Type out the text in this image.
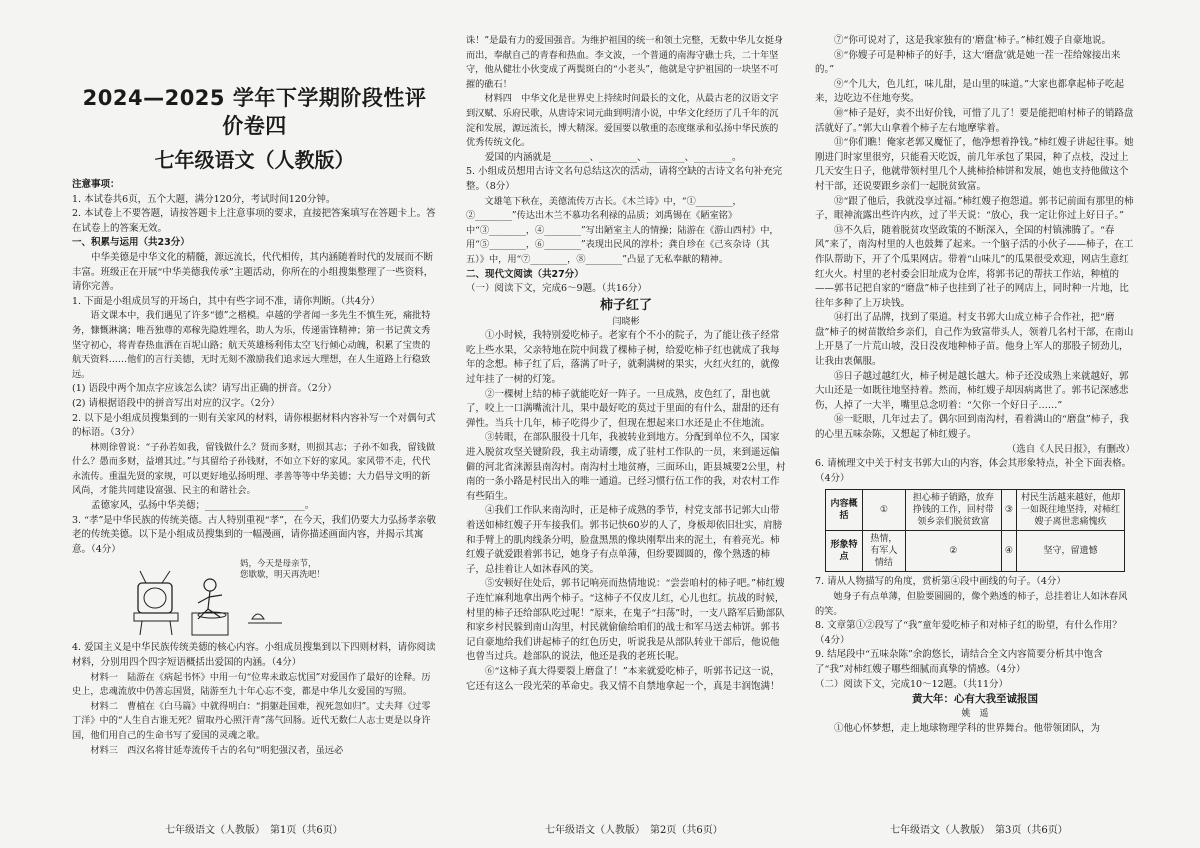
2024—2025 学年下学期阶段性评价卷四
七年级语文（人教版）

注意事项：

1. 本试卷共6页，五个大题，满分120分，考试时间120分钟。

2. 本试卷上不要答题，请按答题卡上注意事项的要求，直接把答案填写在答题卡上。答在试卷上的答案无效。

一、积累与运用（共23分）

中华美德是中华文化的精髓，源远流长，代代相传，其内涵随着时代的发展而不断丰富。班级正在开展“中华美德我传承”主题活动，你所在的小组搜集整理了一些资料，请你完善。

1. 下面是小组成员写的开场白，其中有些字词不准，请你判断。（共4分）

语文课本中，我们遇见了许多“德”之楷模。卓越的学者闻一多先生不慎生死，痛批特务，慷慨淋漓；唯吾独尊的邓稼先隐姓埋名，助人为乐，传递雷锋精神；第一书记黄文秀坚守初心，将青春热血洒在百坭山路；航天英雄杨利伟太空飞行倾心动魄，积累了宝贵的航天资料……他们的言行美德，无时无刻不激励我们追求远大理想，在人生道路上行稳致远。

(1) 语段中两个加点字应该怎么读？请写出正确的拼音。（2分）

(2) 请根据语段中的拼音写出对应的汉字。（2分）

2. 以下是小组成员搜集到的一则有关家风的材料，请你根据材料内容补写一个对偶句式的标语。（3分）

林则徐曾说：“子孙若如我，留钱做什么？贤而多财，则损其志；子孙不如我，留钱做什么？愚而多财，益增其过。”与其留给子孙钱财，不如立下好的家风。家风带不走，代代永流传。重温先贤的家规，可以更好地弘扬明理、孝善等等中华美德；大力倡导文明的新风尚，才能共同建设富强、民主的和谐社会。

孟德家风，弘扬中华美德；_____________________。

3. “孝”是中华民族的传统美德。古人特别重视“孝”，在今天，我们仍要大力弘扬孝亲敬老的传统美德。以下是小组成员搜集到的一幅漫画，请你描述画面内容，并揭示其寓意。（4分）

妈，今天是母亲节，
您歇歇，明天再洗吧！

4. 爱国主义是中华民族传统美德的核心内容。小组成员搜集到以下四则材料，请你阅读材料，分别用四个四字短语概括出爱国的内涵。（4分）

材料一　陆游在《病起书怀》中用一句“位卑未敢忘忧国”对爱国作了最好的诠释。历史上，忠魂流放中仍善忘国贤，陆游至九十年心忘不变，都是中华儿女爱国的写照。

材料二　曹植在《白马篇》中就得明白：“捐躯赴国难，视死忽如归”。丈夫拜《过零丁洋》中的“人生自古谁无死？留取丹心照汗青”荡气回肠。近代无数仁人志士更是以身许国，他们用自己的生命书写了爱国的灵魂之歌。

材料三　西汉名将甘延寿流传千古的名句“明犯强汉者，虽远必

诛！”是最有力的爱国强音。为维护祖国的统一和领土完整，无数中华儿女挺身而出，奉献自己的青春和热血。李文波，一个普通的南海守礁士兵，二十年坚守，他从健壮小伙变成了两鬓斑白的“小老头”，他就是守护祖国的一块坚不可摧的礁石！

材料四　中华文化是世界史上持续时间最长的文化，从最古老的汉语文字到汉赋、乐府民歌，从唐诗宋词元曲到明清小说，中华文化经历了几千年的沉淀和发展，源远流长，博大精深。爱国要以敬重的态度继承和弘扬中华民族的优秀传统文化。

爱国的内涵就是________、________、________、________。

5. 小组成员想用古诗文名句总结这次的活动，请将空缺的古诗文名句补充完整。（8分）

文雄笔下秋在，美德流传万古长。《木兰诗》中，“①________，②________”传达出木兰不慕功名利禄的品质；刘禹锡在《陋室铭》中“③________，④________”写出陋室主人的情操；陆游在《游山西村》中，用“⑤________，⑥________”表现出民风的淳朴；龚自珍在《己亥杂诗（其五）》中，用“⑦________，⑧________”凸显了无私奉献的精神。

二、现代文阅读（共27分）

（一）阅读下文，完成6～9题。（共16分）

柿子红了
闫晓彬

①小时候，我特别爱吃柿子。老家有个不小的院子，为了能让孩子经常吃上些水果，父亲特地在院中间栽了棵柿子树，给爱吃柿子红也就成了我每年的念想。柿子红了后，落满了叶子，就剩满树的果实，火红火红的，就像过年挂了一树的灯笼。

②一棵树上结的柿子就能吃好一阵子。一旦成熟，皮色红了，甜也就了，咬上一口满嘴流汁儿，果中最好吃的莫过于里面的有什么，甜甜的还有弹性。当兵十几年，柿子吃得少了，但现在想起来口水还是止不住地流。

③转眼，在部队服役十几年，我被转业到地方。分配到单位不久，国家进入脱贫攻坚关键阶段，我主动请缨，成了驻村工作队的一员，来到遥远偏僻的河北省涞源县南沟村。南沟村土地贫瘠，三面环山，距县城要2公里，村南的一条小路是村民出入的唯一通道。已经习惯行伍工作的我，对农村工作有些陌生。

④我们工作队来南沟时，正是柿子成熟的季节，村党支部书记郭大山带着送如柿红嫂子开车接我们。郭书记快60岁的人了，身板却依旧壮实，肩膀和手臂上的肌肉线条分明，脸盘黑黑的像块刚犁出来的泥土，有着亮光。柿红嫂子就爱跟着郭书记，她身子有点单薄，但纷要圆圆的，像个熟透的柿子，总挂着让人如沐春风的笑。

⑤安顿好住处后，郭书记响亮而热情地说：“尝尝咱村的柿子吧。”柿红嫂子连忙麻利地拿出两个柿子。“这柿子不仅皮儿红，心儿也红。抗战的时候，村里的柿子还给部队吃过呢！”原来，在鬼子“扫荡”时，一支八路军后勤部队和家乡村民躲到南山沟里，村民就偷偷给咱们的战士和军马送去柿饼。郭书记自豪地给我们讲起柿子的红色历史，听说我是从部队转业干部后，他说他也曾当过兵。趁部队的说法，他还是我的老班长呢。

⑥“这柿子真大得要裂上磨盘了！”本来就爱吃柿子，听郭书记这一说，它还有这么一段光荣的革命史。我又情不自禁地拿起一个，真是丰润饱满！

⑦“你可说对了，这是我家独有的‘磨盘’柿子。”柿红嫂子自豪地说。

⑧“你嫂子可是种柿子的好手，这大‘磨盘’就是她一茬一茬给嫁接出来的。”

⑨“个儿大，色儿红，味儿甜，是山里的味道。”大家也都拿起柿子吃起来，边吃边不住地夸奖。

⑩“柿子是好，卖不出好价钱，可惜了儿了！要是能把咱村柿子的销路盘活就好了。”郭大山拿着个柿子左右地摩挲着。

⑪“你们瞧！俺家老郭又魔怔了，他净想着挣钱。”柿红嫂子讲起往事。她刚进门时家里很穷，只能看天吃饭，前几年承包了果园，种了点枝，没过上几天安生日子，他就带领村里几个人挑柿拾柿饼和发展，她也支持他做这个村干部，还说要跟乡亲们一起脱贫致富。

⑫“跟了他后，我就没享过福。”柿红嫂子抱怨道。郭书记前面有那里的柿子，眼神流露出些许内疚，过了半天说：“放心，我一定让你过上好日子。”

⑬不久后，随着脱贫攻坚政策的不断深入，全国的村镇沸腾了。“春风”来了，南沟村里的人也鼓舞了起来。一个脑子活的小伙子——柿子，在工作队帮助下，开了个瓜果网店。带着“山味儿”的瓜果很受欢迎，网店生意红红火火。村里的老村委会旧址成为仓库，将郭书记的帮扶工作站，种植的——郭书记把自家的“磨盘”柿子也挂到了社子的网店上，同时种一片地，比往年多种了上万块钱。

⑭打出了品牌，找到了渠道。村支书郭大山成立柿子合作社，把“磨盘”柿子的树苗散给乡亲们，自己作为致富带头人，领着几名村干部，在南山上开垦了一片荒山坡，没日没夜地种柿子苗。他身上军人的那股子韧劲儿，让我由衷佩服。

⑮日子越过越红火，柿子树是越长越大。柿子还没成熟上来就越好，郭大山还是一如既往地坚持着。然而，柿红嫂子却因病离世了。郭书记深感悲伤，人掉了一大半，嘴里总念叨着：“欠你一个好日子……”

⑯一眨眼，几年过去了。偶尔回到南沟村，看着满山的“磨盘”柿子，我的心里五味杂陈，又想起了柿红嫂子。

（选自《人民日报》，有删改）

6. 请梳理文中关于村支书郭大山的内容，体会其形象特点，补全下面表格。（4分）

内容概括	①	担心柿子销路，放弃挣钱的工作，回村带领乡亲们脱贫致富	③	村民生活越来越好，他却一如既往地坚持，对柿红嫂子离世悲痛愧疚
形象特点	热情，有军人情结	②	④	坚守，留遗憾

7. 请从人物描写的角度，赏析第④段中画线的句子。（4分）

她身子有点单薄，但脸要圆圆的，像个熟透的柿子，总挂着让人如沐春风的笑。

8. 文章第①②段写了“我”童年爱吃柿子和对柿子红的盼望，有什么作用？（4分）

9. 结尾段中“五味杂陈”余韵悠长，请结合全文内容简要分析其中饱含了“我”对柿红嫂子哪些细腻而真挚的情感。（4分）

（二）阅读下文，完成10～12题。（共11分）

黄大年：心有大我至诚报国
姚　遥

①他心怀梦想，走上地球物理学科的世界舞台。他带领团队，为

七年级语文（人教版）　第1页（共6页）	七年级语文（人教版）　第2页（共6页）	七年级语文（人教版）　第3页（共6页）
